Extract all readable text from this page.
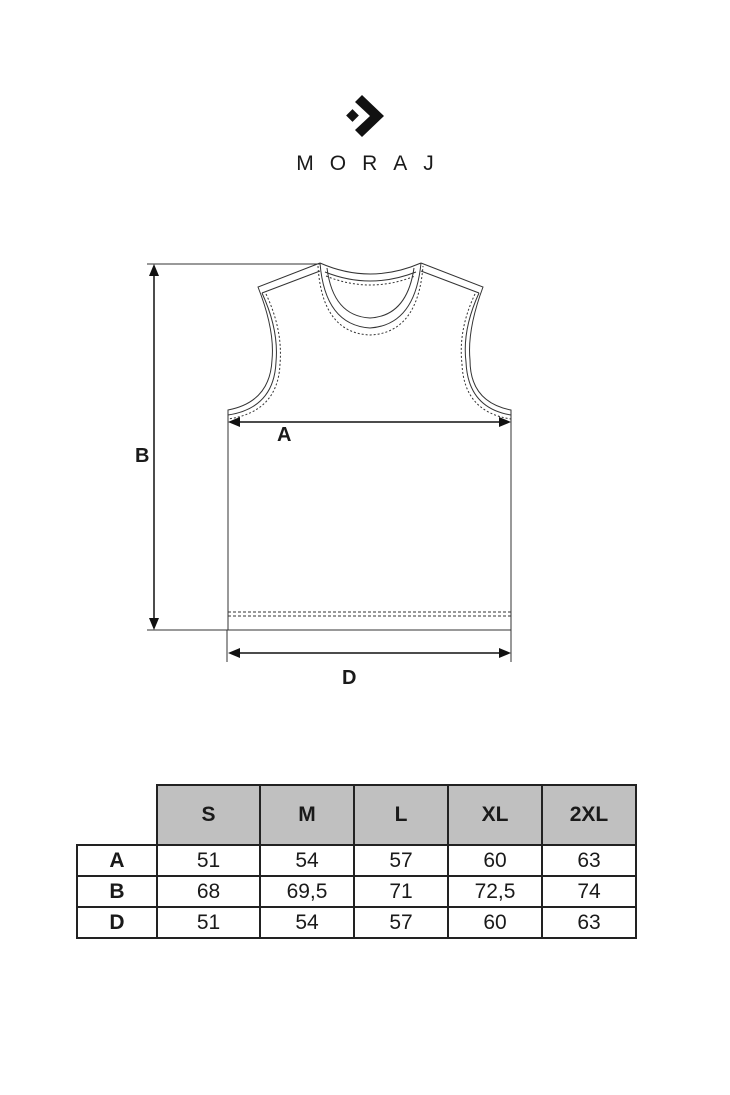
MORAJ
A
B
D
	S	M	L	XL	2XL
A	51	54	57	60	63
B	68	69,5	71	72,5	74
D	51	54	57	60	63
